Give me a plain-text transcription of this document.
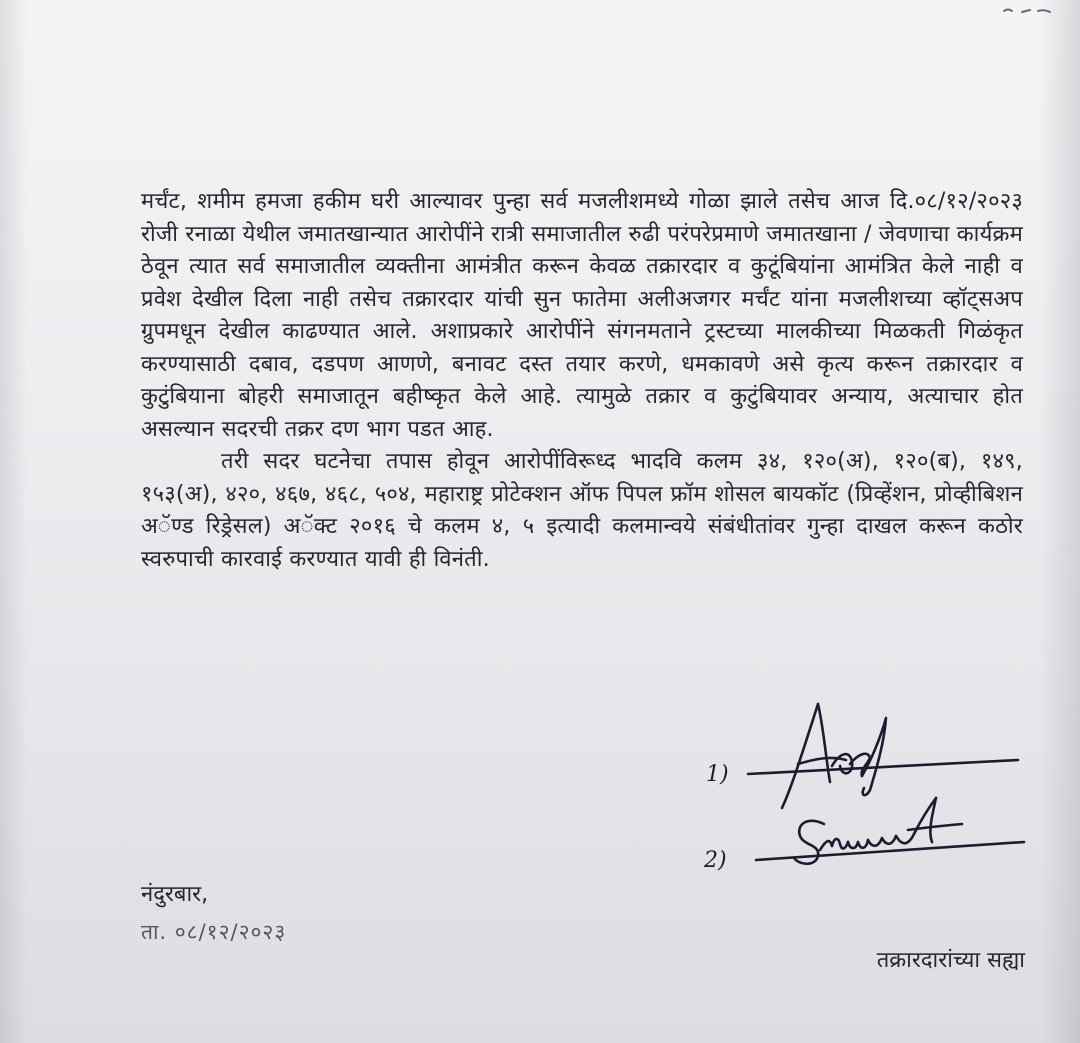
मर्चंट, शमीम हमजा हकीम घरी आल्यावर पुन्हा सर्व मजलीशमध्ये गोळा झाले तसेच आज दि.०८/१२/२०२३ रोजी रनाळा येथील जमातखान्यात आरोपींने रात्री समाजातील रुढी परंपरेप्रमाणे जमातखाना / जेवणाचा कार्यक्रम ठेवून त्यात सर्व समाजातील व्यक्तीना आमंत्रीत करून केवळ तक्रारदार व कुटूंबियांना आमंत्रित केले नाही व प्रवेश देखील दिला नाही तसेच तक्रारदार यांची सुन फातेमा अलीअजगर मर्चंट यांना मजलीशच्या व्हॉट्सअप ग्रुपमधून देखील काढण्यात आले. अशाप्रकारे आरोपींने संगनमताने ट्रस्टच्या मालकीच्या मिळकती गिळंकृत करण्यासाठी दबाव, दडपण आणणे, बनावट दस्त तयार करणे, धमकावणे असे कृत्य करून तक्रारदार व कुटुंबियाना बोहरी समाजातून बहीष्कृत केले आहे. त्यामुळे तक्रार व कुटुंबियावर अन्याय, अत्याचार होत असल्यान सदरची तक्रर दण भाग पडत आह.

तरी सदर घटनेचा तपास होवून आरोपींविरूध्द भादवि कलम ३४, १२०(अ), १२०(ब), १४९, १५३(अ), ४२०, ४६७, ४६८, ५०४, महाराष्ट्र प्रोटेक्शन ऑफ पिपल फ्रॉम शोसल बायकॉट (प्रिव्हेंशन, प्रोव्हीबिशन अॅण्ड रिड्रेसल) अॅक्ट २०१६ चे कलम ४, ५ इत्यादी कलमान्वये संबंधीतांवर गुन्हा दाखल करून कठोर स्वरुपाची कारवाई करण्यात यावी ही विनंती.

1)
2)
नंदुरबार,
ता. ०८/१२/२०२३
तक्रारदारांच्या सह्या
